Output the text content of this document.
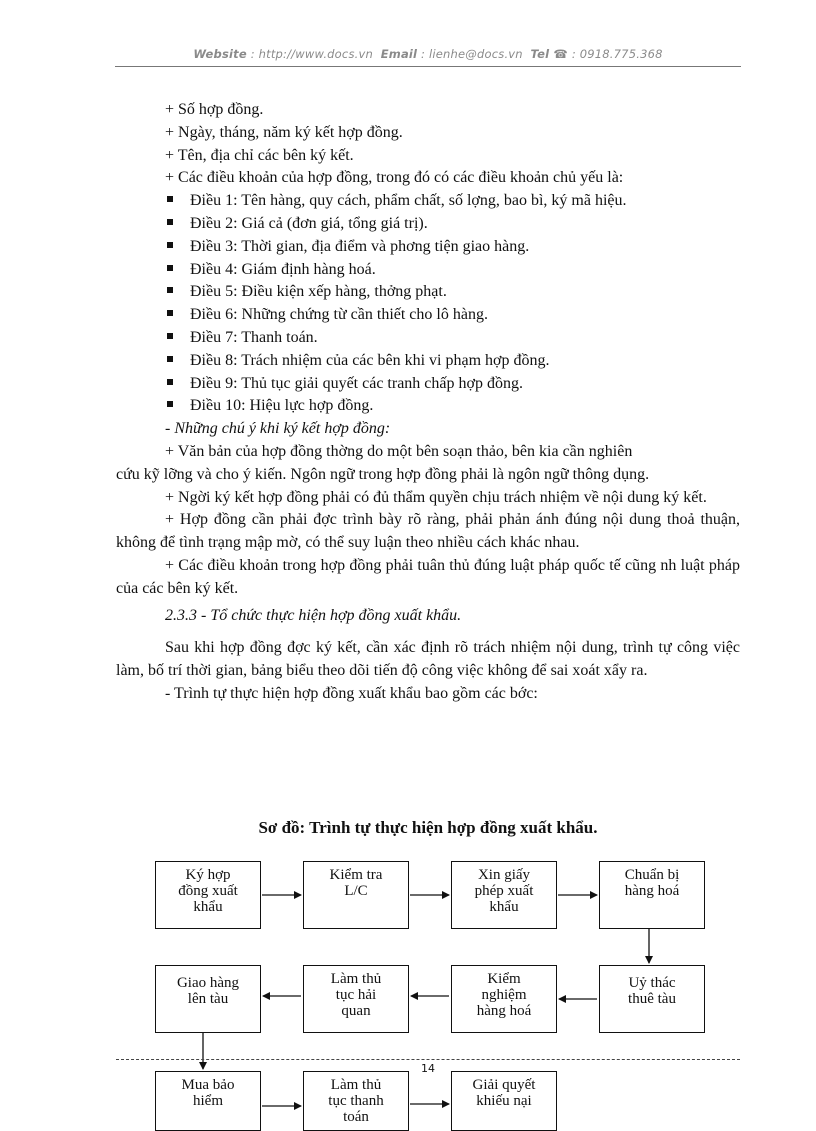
Website : http://www.docs.vn Email : lienhe@docs.vn Tel ☎ : 0918.775.368
+ Số hợp đồng.
+ Ngày, tháng, năm ký kết hợp đồng.
+ Tên, địa chỉ các bên ký kết.
+ Các điều khoản của hợp đồng, trong đó có các điều khoản chủ yếu là:
Điều 1: Tên hàng, quy cách, phẩm chất, số lợng, bao bì, ký mã hiệu.
Điều 2: Giá cả (đơn giá, tổng giá trị).
Điều 3: Thời gian, địa điểm và phơng tiện giao hàng.
Điều 4: Giám định hàng hoá.
Điều 5: Điều kiện xếp hàng, thởng phạt.
Điều 6: Những chứng từ cần thiết cho lô hàng.
Điều 7: Thanh toán.
Điều 8: Trách nhiệm của các bên khi vi phạm hợp đồng.
Điều 9: Thủ tục giải quyết các tranh chấp hợp đồng.
Điều 10: Hiệu lực hợp đồng.
- Những chú ý khi ký kết hợp đồng:
+ Văn bản của hợp đồng thờng do một bên soạn thảo, bên kia cần nghiên
cứu kỹ lỡng và cho ý kiến. Ngôn ngữ trong hợp đồng phải là ngôn ngữ thông dụng.
+ Ngời ký kết hợp đồng phải có đủ thẩm quyền chịu trách nhiệm về nội dung ký kết.
+ Hợp đồng cần phải đợc trình bày rõ ràng, phải phản ánh đúng nội dung thoả thuận, không để tình trạng mập mờ, có thể suy luận theo nhiều cách khác nhau.
+ Các điều khoản trong hợp đồng phải tuân thủ đúng luật pháp quốc tế cũng nh luật pháp của các bên ký kết.
2.3.3 - Tổ chức thực hiện hợp đồng xuất khẩu.
Sau khi hợp đồng đợc ký kết, cần xác định rõ trách nhiệm nội dung, trình tự công việc làm, bố trí thời gian, bảng biểu theo dõi tiến độ công việc không để sai xoát xẩy ra.
- Trình tự thực hiện hợp đồng xuất khẩu bao gồm các bớc:
Sơ đồ: Trình tự thực hiện hợp đồng xuất khẩu.
Ký hợp
đồng xuất
khẩu
Kiểm tra
L/C
Xin giấy
phép xuất
khẩu
Chuẩn bị
hàng hoá
Uỷ thác
thuê tàu
Kiểm
nghiệm
hàng hoá
Làm thủ
tục hải
quan
Giao hàng
lên tàu
14
Mua bảo
hiểm
Làm thủ
tục thanh
toán
Giải quyết
khiếu nại
